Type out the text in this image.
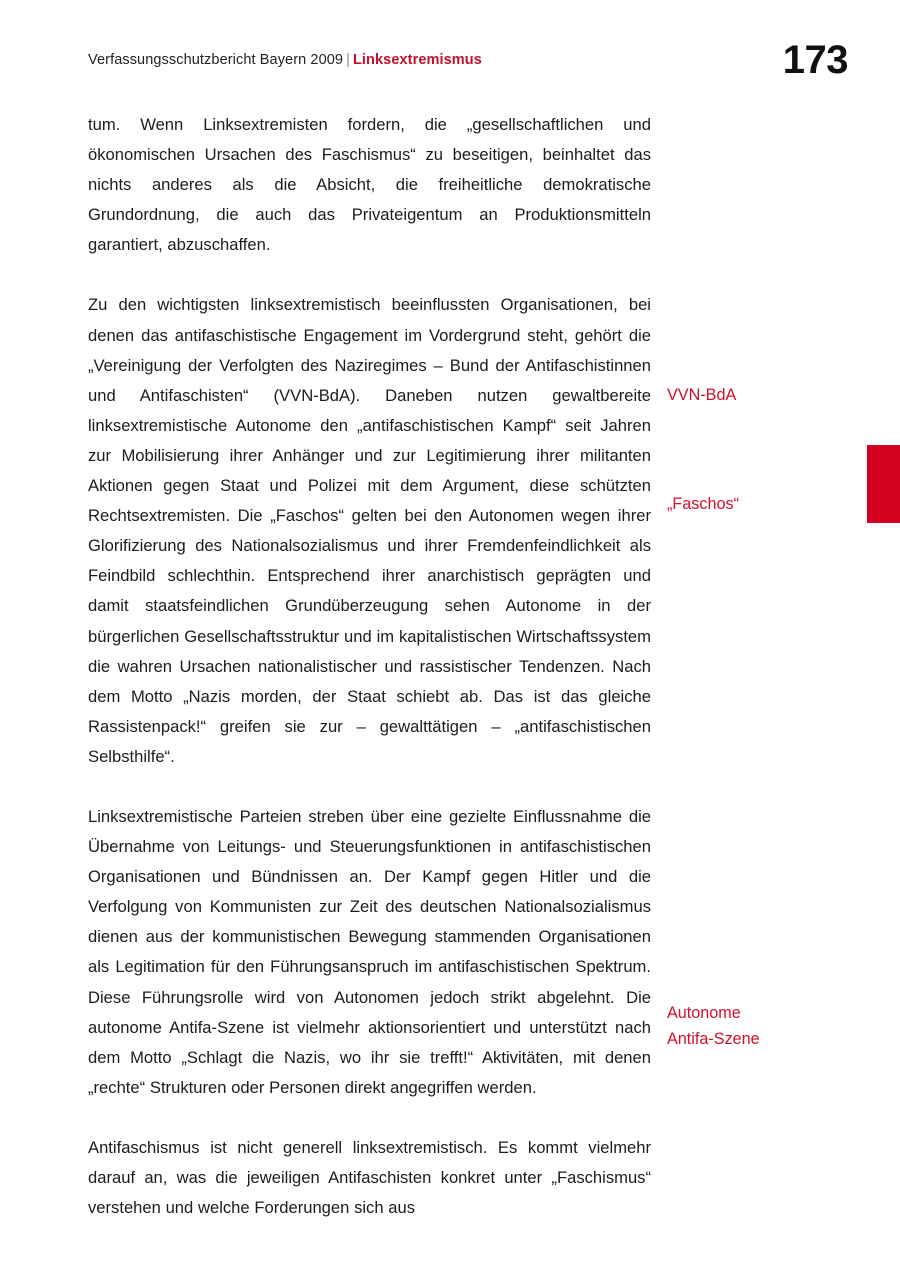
Verfassungsschutzbericht Bayern 2009 | Linksextremismus	173

tum. Wenn Linksextremisten fordern, die „gesellschaftlichen und ökonomischen Ursachen des Faschismus“ zu beseitigen, beinhaltet das nichts anderes als die Absicht, die freiheitliche demokratische Grundordnung, die auch das Privateigentum an Produktionsmitteln garantiert, abzuschaffen.

Zu den wichtigsten linksextremistisch beeinflussten Organisationen, bei denen das antifaschistische Engagement im Vordergrund steht, gehört die „Vereinigung der Verfolgten des Naziregimes – Bund der Antifaschistinnen und Antifaschisten“ (VVN-BdA). Daneben nutzen gewaltbereite linksextremistische Autonome den „antifaschistischen Kampf“ seit Jahren zur Mobilisierung ihrer Anhänger und zur Legitimierung ihrer militanten Aktionen gegen Staat und Polizei mit dem Argument, diese schützten Rechtsextremisten. Die „Faschos“ gelten bei den Autonomen wegen ihrer Glorifizierung des Nationalsozialismus und ihrer Fremdenfeindlichkeit als Feindbild schlechthin. Entsprechend ihrer anarchistisch geprägten und damit staatsfeindlichen Grundüberzeugung sehen Autonome in der bürgerlichen Gesellschaftsstruktur und im kapitalistischen Wirtschaftssystem die wahren Ursachen nationalistischer und rassistischer Tendenzen. Nach dem Motto „Nazis morden, der Staat schiebt ab. Das ist das gleiche Rassistenpack!“ greifen sie zur – gewalttätigen – „antifaschistischen Selbsthilfe“.

Linksextremistische Parteien streben über eine gezielte Einflussnahme die Übernahme von Leitungs- und Steuerungsfunktionen in antifaschistischen Organisationen und Bündnissen an. Der Kampf gegen Hitler und die Verfolgung von Kommunisten zur Zeit des deutschen Nationalsozialismus dienen aus der kommunistischen Bewegung stammenden Organisationen als Legitimation für den Führungsanspruch im antifaschistischen Spektrum. Diese Führungsrolle wird von Autonomen jedoch strikt abgelehnt. Die autonome Antifa-Szene ist vielmehr aktionsorientiert und unterstützt nach dem Motto „Schlagt die Nazis, wo ihr sie trefft!“ Aktivitäten, mit denen „rechte“ Strukturen oder Personen direkt angegriffen werden.

Antifaschismus ist nicht generell linksextremistisch. Es kommt vielmehr darauf an, was die jeweiligen Antifaschisten konkret unter „Faschismus“ verstehen und welche Forderungen sich aus

VVN-BdA
„Faschos“
Autonome
Antifa-Szene
